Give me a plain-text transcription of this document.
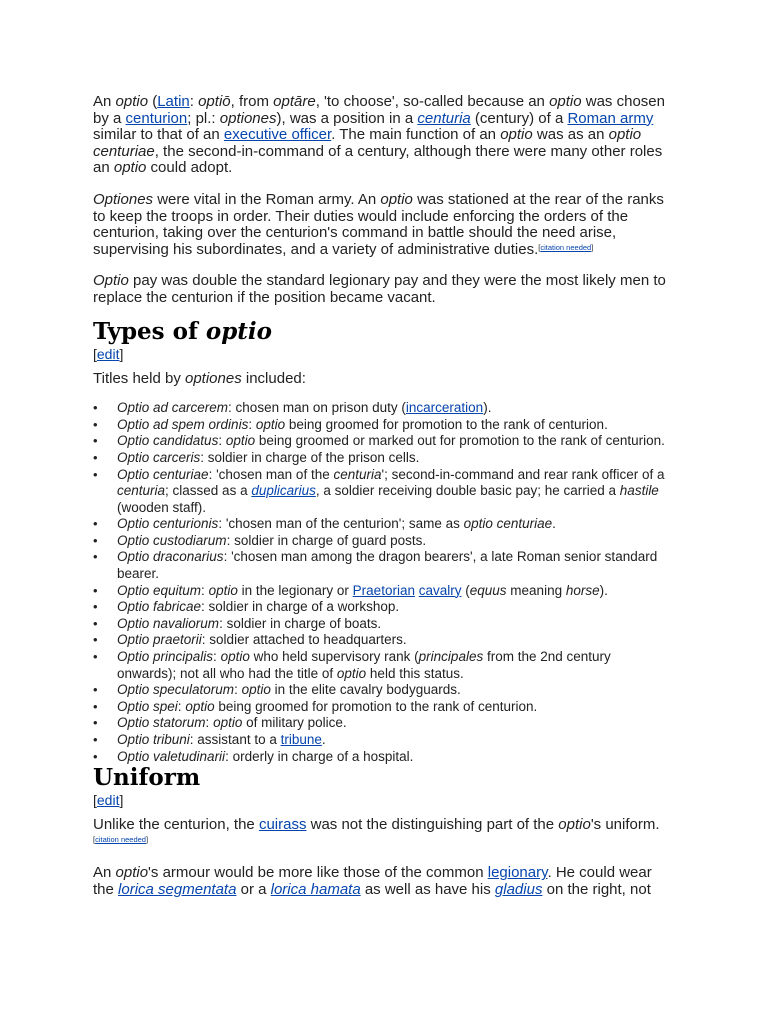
An optio (Latin: optiō, from optāre, 'to choose', so-called because an optio was chosen by a centurion; pl.: optiones), was a position in a centuria (century) of a Roman army similar to that of an executive officer. The main function of an optio was as an optio centuriae, the second-in-command of a century, although there were many other roles an optio could adopt.

Optiones were vital in the Roman army. An optio was stationed at the rear of the ranks to keep the troops in order. Their duties would include enforcing the orders of the centurion, taking over the centurion's command in battle should the need arise, supervising his subordinates, and a variety of administrative duties.[citation needed]

Optio pay was double the standard legionary pay and they were the most likely men to replace the centurion if the position became vacant.

Types of optio
[edit]

Titles held by optiones included:

• Optio ad carcerem: chosen man on prison duty (incarceration).
• Optio ad spem ordinis: optio being groomed for promotion to the rank of centurion.
• Optio candidatus: optio being groomed or marked out for promotion to the rank of centurion.
• Optio carceris: soldier in charge of the prison cells.
• Optio centuriae: 'chosen man of the centuria'; second-in-command and rear rank officer of a centuria; classed as a duplicarius, a soldier receiving double basic pay; he carried a hastile (wooden staff).
• Optio centurionis: 'chosen man of the centurion'; same as optio centuriae.
• Optio custodiarum: soldier in charge of guard posts.
• Optio draconarius: 'chosen man among the dragon bearers', a late Roman senior standard bearer.
• Optio equitum: optio in the legionary or Praetorian cavalry (equus meaning horse).
• Optio fabricae: soldier in charge of a workshop.
• Optio navaliorum: soldier in charge of boats.
• Optio praetorii: soldier attached to headquarters.
• Optio principalis: optio who held supervisory rank (principales from the 2nd century onwards); not all who had the title of optio held this status.
• Optio speculatorum: optio in the elite cavalry bodyguards.
• Optio spei: optio being groomed for promotion to the rank of centurion.
• Optio statorum: optio of military police.
• Optio tribuni: assistant to a tribune.
• Optio valetudinarii: orderly in charge of a hospital.
Uniform
[edit]

Unlike the centurion, the cuirass was not the distinguishing part of the optio's uniform. [citation needed]

An optio's armour would be more like those of the common legionary. He could wear the lorica segmentata or a lorica hamata as well as have his gladius on the right, not
